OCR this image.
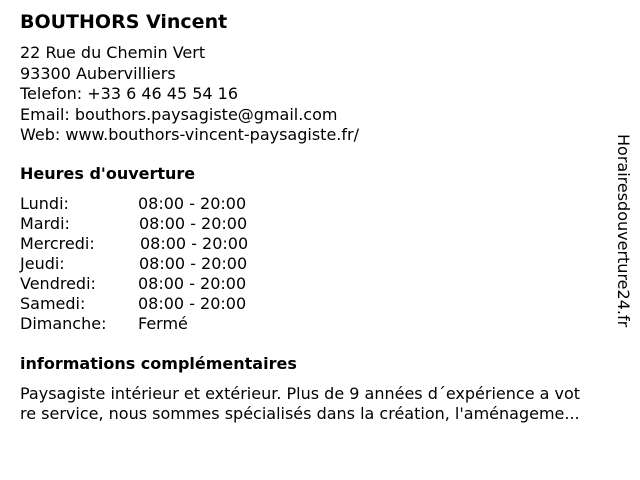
BOUTHORS Vincent
22 Rue du Chemin Vert
93300 Aubervilliers
Telefon: +33 6 46 45 54 16
Email: bouthors.paysagiste@gmail.com
Web: www.bouthors-vincent-paysagiste.fr/
Heures d'ouverture
Lundi:	08:00 - 20:00
Mardi:	08:00 - 20:00
Mercredi:	08:00 - 20:00
Jeudi:	08:00 - 20:00
Vendredi:	08:00 - 20:00
Samedi:	08:00 - 20:00
Dimanche: Fermé
informations complémentaires
Paysagiste intérieur et extérieur. Plus de 9 années d´expérience a vot
re service, nous sommes spécialisés dans la création, l'aménageme...
Horairesdouverture24.fr
